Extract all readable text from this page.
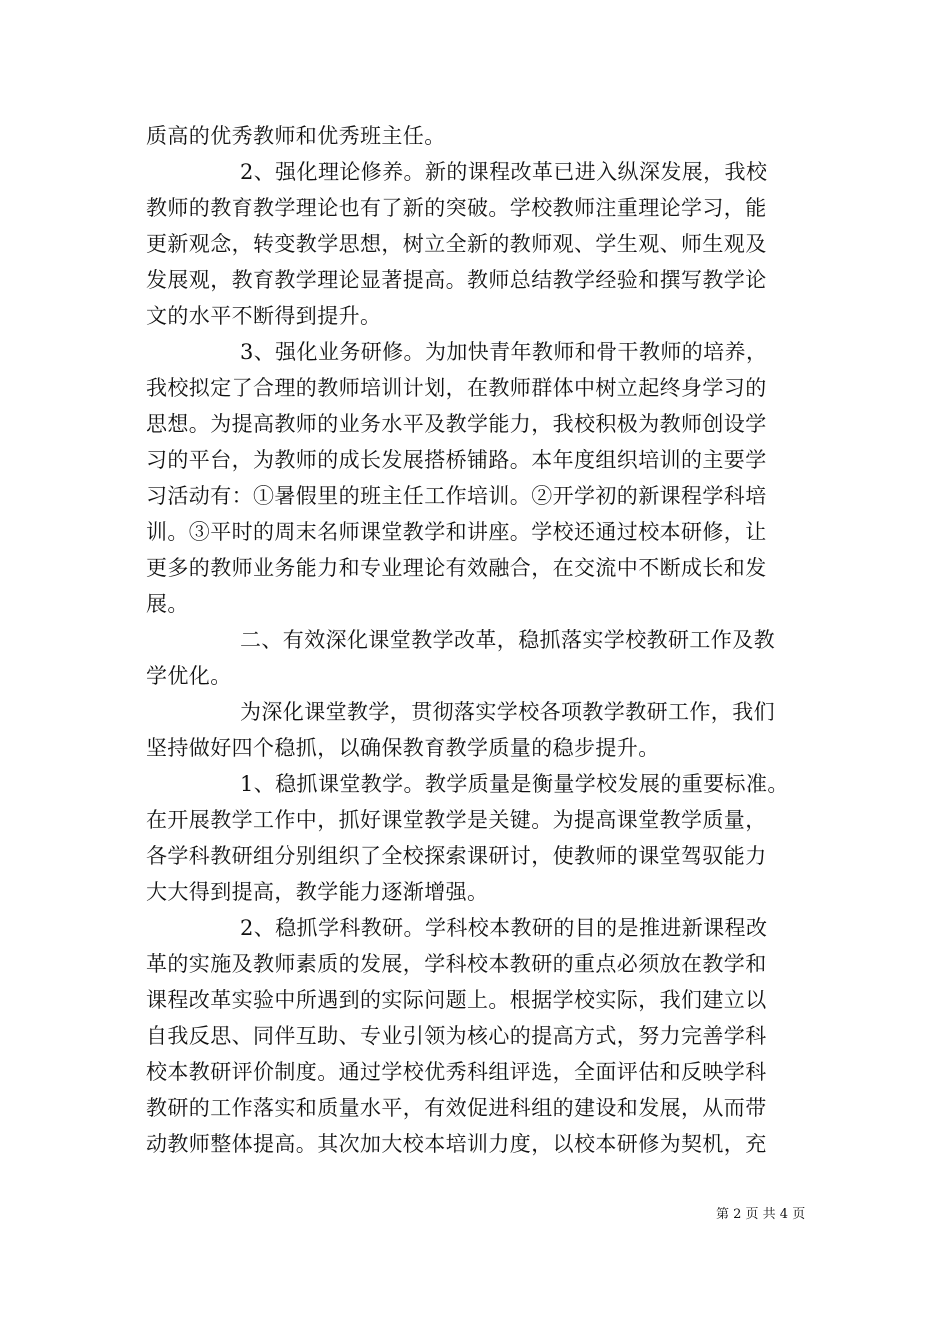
质高的优秀教师和优秀班主任。
2、强化理论修养。新的课程改革已进入纵深发展，我校
教师的教育教学理论也有了新的突破。学校教师注重理论学习，能
更新观念，转变教学思想，树立全新的教师观、学生观、师生观及
发展观，教育教学理论显著提高。教师总结教学经验和撰写教学论
文的水平不断得到提升。
3、强化业务研修。为加快青年教师和骨干教师的培养，
我校拟定了合理的教师培训计划，在教师群体中树立起终身学习的
思想。为提高教师的业务水平及教学能力，我校积极为教师创设学
习的平台，为教师的成长发展搭桥铺路。本年度组织培训的主要学
习活动有：①暑假里的班主任工作培训。②开学初的新课程学科培
训。③平时的周末名师课堂教学和讲座。学校还通过校本研修，让
更多的教师业务能力和专业理论有效融合，在交流中不断成长和发
展。
二、有效深化课堂教学改革，稳抓落实学校教研工作及教
学优化。
为深化课堂教学，贯彻落实学校各项教学教研工作，我们
坚持做好四个稳抓，以确保教育教学质量的稳步提升。
1、稳抓课堂教学。教学质量是衡量学校发展的重要标准。
在开展教学工作中，抓好课堂教学是关键。为提高课堂教学质量，
各学科教研组分别组织了全校探索课研讨，使教师的课堂驾驭能力
大大得到提高，教学能力逐渐增强。
2、稳抓学科教研。学科校本教研的目的是推进新课程改
革的实施及教师素质的发展，学科校本教研的重点必须放在教学和
课程改革实验中所遇到的实际问题上。根据学校实际，我们建立以
自我反思、同伴互助、专业引领为核心的提高方式，努力完善学科
校本教研评价制度。通过学校优秀科组评选，全面评估和反映学科
教研的工作落实和质量水平，有效促进科组的建设和发展，从而带
动教师整体提高。其次加大校本培训力度，以校本研修为契机，充
第 2 页 共 4 页
